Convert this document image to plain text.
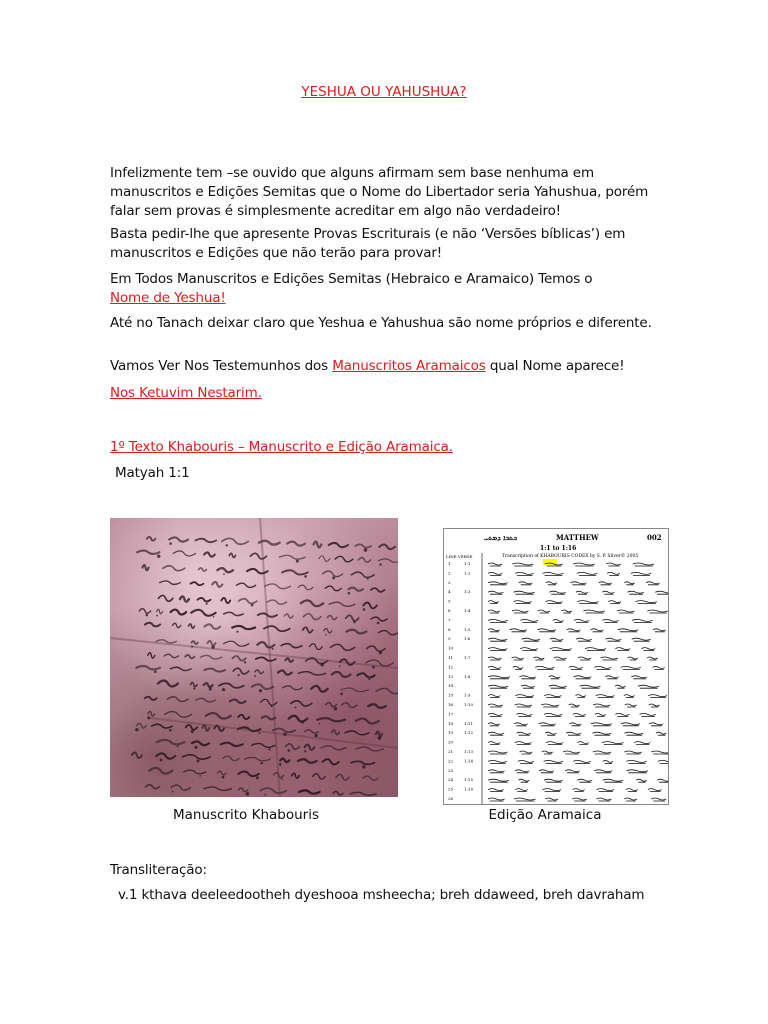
YESHUA OU YAHUSHUA?
Infelizmente tem –se ouvido que alguns afirmam sem base nenhuma em manuscritos e Edições Semitas que o Nome do Libertador seria Yahushua, porém falar sem provas é simplesmente acreditar em algo não verdadeiro!
Basta pedir-lhe que apresente Provas Escriturais (e não ‘Versões bíblicas’) em manuscritos e Edições que não terão para provar!
Em Todos Manuscritos e Edições Semitas (Hebraico e Aramaico) Temos o
Nome de Yeshua!
Até no Tanach deixar claro que Yeshua e Yahushua são nome próprios e diferente.
Vamos Ver Nos Testemunhos dos Manuscritos Aramaicos qual Nome aparece!
Nos Ketuvim Nestarim.
1º Texto Khabouris – Manuscrito e Edição Aramaica.
Matyah 1:1
Manuscrito Khabouris
ܟܬܒܐ ܕܡܬܝ	MATTHEW	002
1:1 to 1:16
Transcription of KHABOURIS CODEX by S. P. Silver© 2005
LINE VERSE
1	1:1
2	1:2
3
4	1:3
5
6	1:4
7
8	1:5
9	1:6
10
11	1:7
12
13	1:8
14
15	1:9
16	1:10
17
18	1:11
19	1:12
20
21	1:13
22	1:14
23
24	1:15
25	1:16
26
Edição Aramaica
Transliteração:
v.1 kthava deeleedootheh dyeshooa msheecha; breh ddaweed, breh davraham
